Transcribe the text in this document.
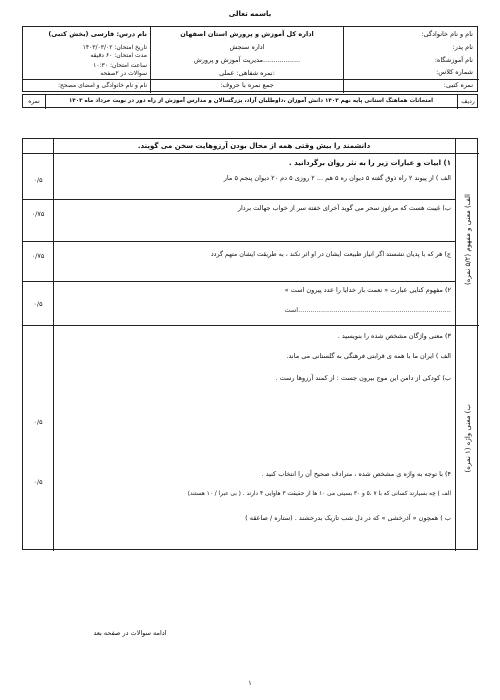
باسمه تعالی
نام و نام خانوادگی:
نام پدر:
نام آموزشگاه:
شماره کلاس:
اداره کل آموزش و پرورش استان اصفهان
اداره سنجش
مدیریت آموزش و پرورش..................
نمره شفاهی: عملی:
نام درس: فارسی (بخش کتبی)
تاریخ امتحان: ۱۴۰۳/۰۳/۰۲
مدت امتحان: ۶۰ دقیقه
ساعت امتحان: ۱۰:۳۰
سوالات در ۲صفحه
نمره کتبی:
جمع نمره با حروف:
نام و نام خانوادگی و امضای مصحح:
نمره	امتحانات هماهنگ استانی پایه نهم ۱۴۰۳ دانش آموزان ،داوطلبان آزاد، بزرگسالان و مدارس آموزش از راه دور در نوبت خرداد ماه ۱۴۰۳	ردیف
دانشمند را بیش وقتی همه از محال بودن آرزوهایت سخن می گویند.
الف) معنی و مفهوم (۵/۲ نمره)
ب) معنی واژه (۱ نمره)
۱) ابیات و عبارات زیر را به نثر روان برگردانید .
الف ) از پیوند ۲ راه ذوق گفته ۵ دیوان ره ۵ هم ... ۲ روزی ۵ دم ۲۰ دیوان پنجم ۵ مار
۰/۵
ب) غیبت هست که مرغوز سحر می گوید آخرای خفته سر از خواب جهالت بردار
۰/۷۵
ج) هر که با پدیان نشستد اگر انیاز طبیعت ایشان در او اثر نکند ، به طریقت ایشان متهم گردد
۰/۷۵
۲) مفهوم کنایی عبارت « نعمت بار خدایا را عدد پیرون است »
..........................................................................است
۰/۵
۳) معنی واژگان مشخص شده را بنویسید .
الف ) ایران ما با همه ی قرابتی فرهنگی به گلستانی می ماند.
ب) کودکی از دامن این موج بیرون جست : از کمند آرزوها رست .
۰/۵
۴) با توجه به واژه ی مشخص شده ، مترادف صحیح آن را انتخاب کنید .
الف ) چه بسیارند کسانی که با ۷ ،۵ و ۳۰ بسینی می ۱۰ ها از حقیقت ۳ هاوایی ۴ دارند . ( بی عبرا / ۱۰ هستند)
ب ) همچون « آذرخشی » که در دل شب تاریک بدرخشند . (ستاره / صاعقه )
۰/۵
ادامه سوالات در صفحه بعد
۱
